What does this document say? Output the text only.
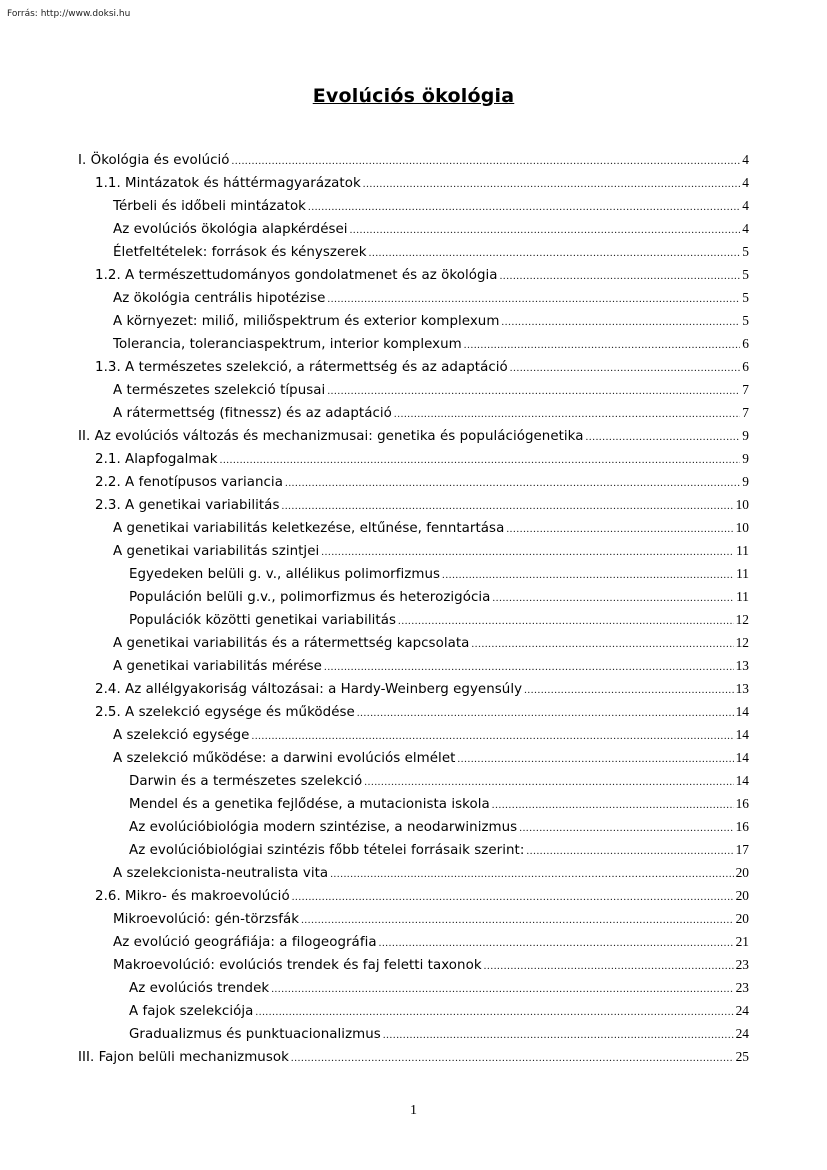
Forrás: http://www.doksi.hu
Evolúciós ökológia
I. Ökológia és evolúció .....	4
1.1. Mintázatok és háttérmagyarázatok .....	4
Térbeli és időbeli mintázatok .....	4
Az evolúciós ökológia alapkérdései .....	4
Életfeltételek: források és kényszerek .....	5
1.2. A természettudományos gondolatmenet és az ökológia .....	5
Az ökológia centrális hipotézise .....	5
A környezet: miliő, miliőspektrum és exterior komplexum .....	5
Tolerancia, toleranciaspektrum, interior komplexum .....	6
1.3. A természetes szelekció, a rátermettség és az adaptáció .....	6
A természetes szelekció típusai .....	7
A rátermettség (fitnessz) és az adaptáció .....	7
II. Az evolúciós változás és mechanizmusai: genetika és populációgenetika .....	9
2.1. Alapfogalmak .....	9
2.2. A fenotípusos variancia .....	9
2.3. A genetikai variabilitás .....	10
A genetikai variabilitás keletkezése, eltűnése, fenntartása .....	10
A genetikai variabilitás szintjei .....	11
Egyedeken belüli g. v., allélikus polimorfizmus .....	11
Populáción belüli g.v., polimorfizmus és heterozigócia .....	11
Populációk közötti genetikai variabilitás .....	12
A genetikai variabilitás és a rátermettség kapcsolata .....	12
A genetikai variabilitás mérése .....	13
2.4. Az allélgyakoriság változásai: a Hardy-Weinberg egyensúly .....	13
2.5. A szelekció egysége és működése .....	14
A szelekció egysége .....	14
A szelekció működése: a darwini evolúciós elmélet .....	14
Darwin és a természetes szelekció .....	14
Mendel és a genetika fejlődése, a mutacionista iskola .....	16
Az evolúcióbiológia modern szintézise, a neodarwinizmus .....	16
Az evolúcióbiológiai szintézis főbb tételei forrásaik szerint: .....	17
A szelekcionista-neutralista vita .....	20
2.6. Mikro- és makroevolúció .....	20
Mikroevolúció: gén-törzsfák .....	20
Az evolúció geográfiája: a filogeográfia .....	21
Makroevolúció: evolúciós trendek és faj feletti taxonok .....	23
Az evolúciós trendek .....	23
A fajok szelekciója .....	24
Gradualizmus és punktuacionalizmus .....	24
III. Fajon belüli mechanizmusok .....	25
1
